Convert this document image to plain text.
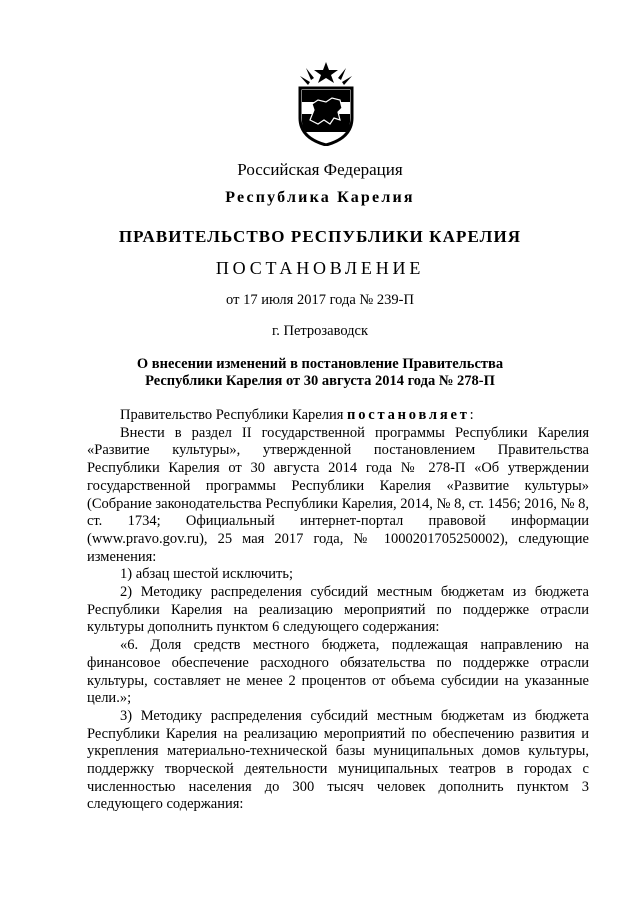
Российская Федерация
Республика Карелия
ПРАВИТЕЛЬСТВО РЕСПУБЛИКИ КАРЕЛИЯ
ПОСТАНОВЛЕНИЕ
от 17 июля 2017 года № 239-П
г. Петрозаводск
О внесении изменений в постановление Правительства
Республики Карелия от 30 августа 2014 года № 278-П

Правительство Республики Карелия постановляет:

Внести в раздел II государственной программы Республики Карелия «Развитие культуры», утвержденной постановлением Правительства Республики Карелия от 30 августа 2014 года № 278-П «Об утверждении государственной программы Республики Карелия «Развитие культуры» (Собрание законодательства Республики Карелия, 2014, № 8, ст. 1456; 2016, № 8, ст. 1734; Официальный интернет-портал правовой информации (www.pravo.gov.ru), 25 мая 2017 года, № 1000201705250002), следующие изменения:

1) абзац шестой исключить;

2) Методику распределения субсидий местным бюджетам из бюджета Республики Карелия на реализацию мероприятий по поддержке отрасли культуры дополнить пунктом 6 следующего содержания:

«6. Доля средств местного бюджета, подлежащая направлению на финансовое обеспечение расходного обязательства по поддержке отрасли культуры, составляет не менее 2 процентов от объема субсидии на указанные цели.»;

3) Методику распределения субсидий местным бюджетам из бюджета Республики Карелия на реализацию мероприятий по обеспечению развития и укрепления материально-технической базы муниципальных домов культуры, поддержку творческой деятельности муниципальных театров в городах с численностью населения до 300 тысяч человек дополнить пунктом 3 следующего содержания:
